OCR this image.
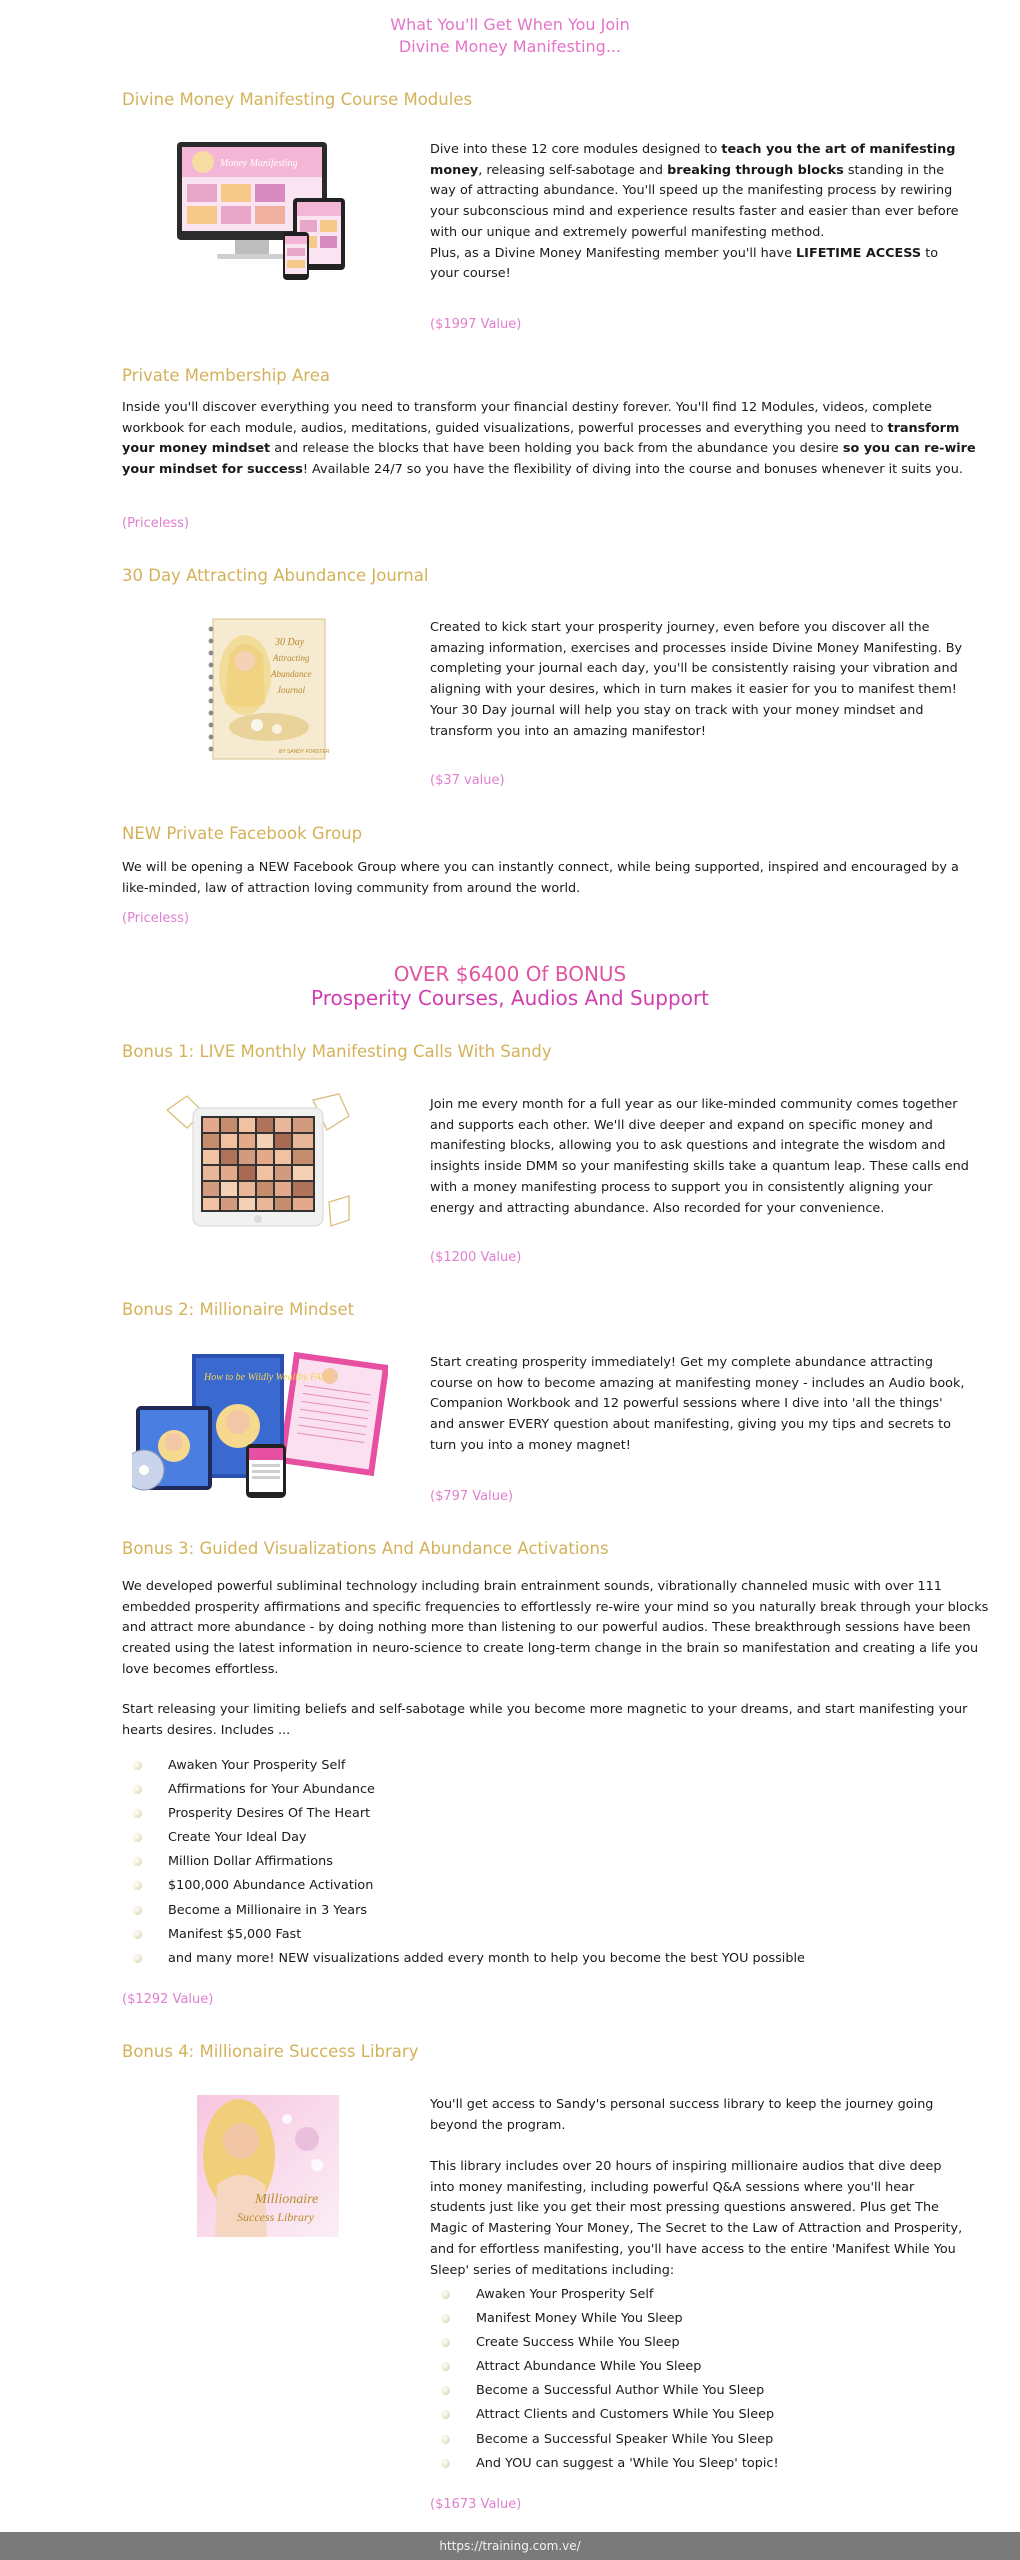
What You'll Get When You Join
Divine Money Manifesting...
Divine Money Manifesting Course Modules
Money Manifesting
Dive into these 12 core modules designed to teach you the art of manifesting money, releasing self-sabotage and breaking through blocks standing in the way of attracting abundance. You'll speed up the manifesting process by rewiring your subconscious mind and experience results faster and easier than ever before with our unique and extremely powerful manifesting method.
Plus, as a Divine Money Manifesting member you'll have LIFETIME ACCESS to your course!
($1997 Value)
Private Membership Area
Inside you'll discover everything you need to transform your financial destiny forever. You'll find 12 Modules, videos, complete workbook for each module, audios, meditations, guided visualizations, powerful processes and everything you need to transform your money mindset and release the blocks that have been holding you back from the abundance you desire so you can re-wire your mindset for success! Available 24/7 so you have the flexibility of diving into the course and bonuses whenever it suits you.
(Priceless)
30 Day Attracting Abundance Journal
30 Day
Attracting
Abundance
Journal
BY SANDY FORSTER
Created to kick start your prosperity journey, even before you discover all the amazing information, exercises and processes inside Divine Money Manifesting. By completing your journal each day, you'll be consistently raising your vibration and aligning with your desires, which in turn makes it easier for you to manifest them! Your 30 Day journal will help you stay on track with your money mindset and transform you into an amazing manifestor!
($37 value)
NEW Private Facebook Group
We will be opening a NEW Facebook Group where you can instantly connect, while being supported, inspired and encouraged by a like-minded, law of attraction loving community from around the world.
(Priceless)
OVER $6400 Of BONUS
Prosperity Courses, Audios And Support
Bonus 1: LIVE Monthly Manifesting Calls With Sandy
Join me every month for a full year as our like-minded community comes together and supports each other. We'll dive deeper and expand on specific money and manifesting blocks, allowing you to ask questions and integrate the wisdom and insights inside DMM so your manifesting skills take a quantum leap. These calls end with a money manifesting process to support you in consistently aligning your energy and attracting abundance. Also recorded for your convenience.
($1200 Value)
Bonus 2: Millionaire Mindset
How to be Wildly Wealthy FAST
Start creating prosperity immediately! Get my complete abundance attracting course on how to become amazing at manifesting money - includes an Audio book, Companion Workbook and 12 powerful sessions where I dive into 'all the things' and answer EVERY question about manifesting, giving you my tips and secrets to turn you into a money magnet!
($797 Value)
Bonus 3: Guided Visualizations And Abundance Activations
We developed powerful subliminal technology including brain entrainment sounds, vibrationally channeled music with over 111 embedded prosperity affirmations and specific frequencies to effortlessly re-wire your mind so you naturally break through your blocks and attract more abundance - by doing nothing more than listening to our powerful audios. These breakthrough sessions have been created using the latest information in neuro-science to create long-term change in the brain so manifestation and creating a life you love becomes effortless.
Start releasing your limiting beliefs and self-sabotage while you become more magnetic to your dreams, and start manifesting your hearts desires. Includes ...
Awaken Your Prosperity Self
Affirmations for Your Abundance
Prosperity Desires Of The Heart
Create Your Ideal Day
Million Dollar Affirmations
$100,000 Abundance Activation
Become a Millionaire in 3 Years
Manifest $5,000 Fast
and many more! NEW visualizations added every month to help you become the best YOU possible
($1292 Value)
Bonus 4: Millionaire Success Library
Millionaire
Success Library
You'll get access to Sandy's personal success library to keep the journey going beyond the program.
This library includes over 20 hours of inspiring millionaire audios that dive deep into money manifesting, including powerful Q&A sessions where you'll hear students just like you get their most pressing questions answered. Plus get The Magic of Mastering Your Money, The Secret to the Law of Attraction and Prosperity, and for effortless manifesting, you'll have access to the entire 'Manifest While You Sleep' series of meditations including:
Awaken Your Prosperity Self
Manifest Money While You Sleep
Create Success While You Sleep
Attract Abundance While You Sleep
Become a Successful Author While You Sleep
Attract Clients and Customers While You Sleep
Become a Successful Speaker While You Sleep
And YOU can suggest a 'While You Sleep' topic!
($1673 Value)
https://training.com.ve/
